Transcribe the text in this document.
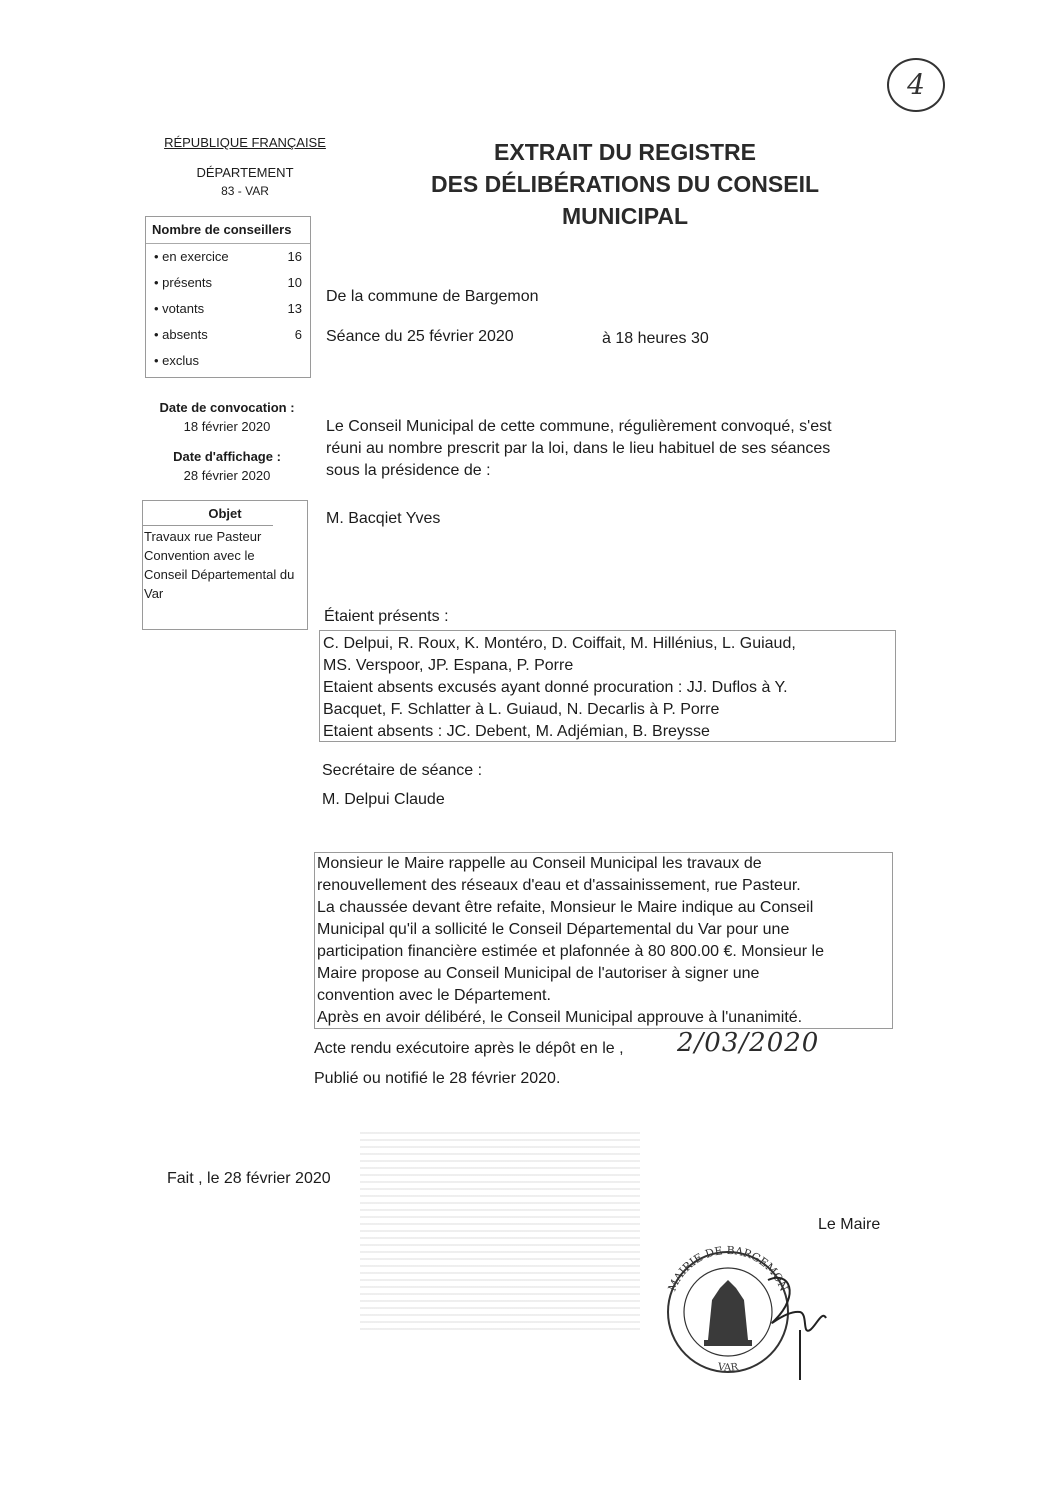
4
RÉPUBLIQUE FRANÇAISE
DÉPARTEMENT
83 - VAR
Nombre de conseillers
• en exercice	16
• présents	10
• votants	13
• absents	6
• exclus
Date de convocation :
18 février 2020
Date d'affichage :
28 février 2020
Objet
Travaux rue Pasteur
Convention avec le
Conseil Départemental du
Var
EXTRAIT DU REGISTRE
DES DÉLIBÉRATIONS DU CONSEIL
MUNICIPAL
De la commune de Bargemon
Séance du 25 février 2020	à 18 heures 30
Le Conseil Municipal de cette commune, régulièrement convoqué, s'est
réuni au nombre prescrit par la loi, dans le lieu habituel de ses séances
sous la présidence de :
M. Bacqiet Yves
Étaient présents :
C. Delpui, R. Roux, K. Montéro, D. Coiffait, M. Hillénius, L. Guiaud,
MS. Verspoor, JP. Espana, P. Porre
Etaient absents excusés ayant donné procuration : JJ. Duflos à Y.
Bacquet, F. Schlatter à L. Guiaud, N. Decarlis à P. Porre
Etaient absents : JC. Debent, M. Adjémian, B. Breysse
Secrétaire de séance :
M. Delpui Claude
Monsieur le Maire rappelle au Conseil Municipal les travaux de
renouvellement des réseaux d'eau et d'assainissement, rue Pasteur.
La chaussée devant être refaite, Monsieur le Maire indique au Conseil
Municipal qu'il a sollicité le Conseil Départemental du Var pour une
participation financière estimée et plafonnée à 80 800.00 €. Monsieur le
Maire propose au Conseil Municipal de l'autoriser à signer une
convention avec le Département.
Après en avoir délibéré, le Conseil Municipal approuve à l'unanimité.
Acte rendu exécutoire après le dépôt en le , 2/03/2020
Publié ou notifié le 28 février 2020.
Fait , le 28 février 2020
Le Maire
MAIRIE DE BARGEMON
VAR
